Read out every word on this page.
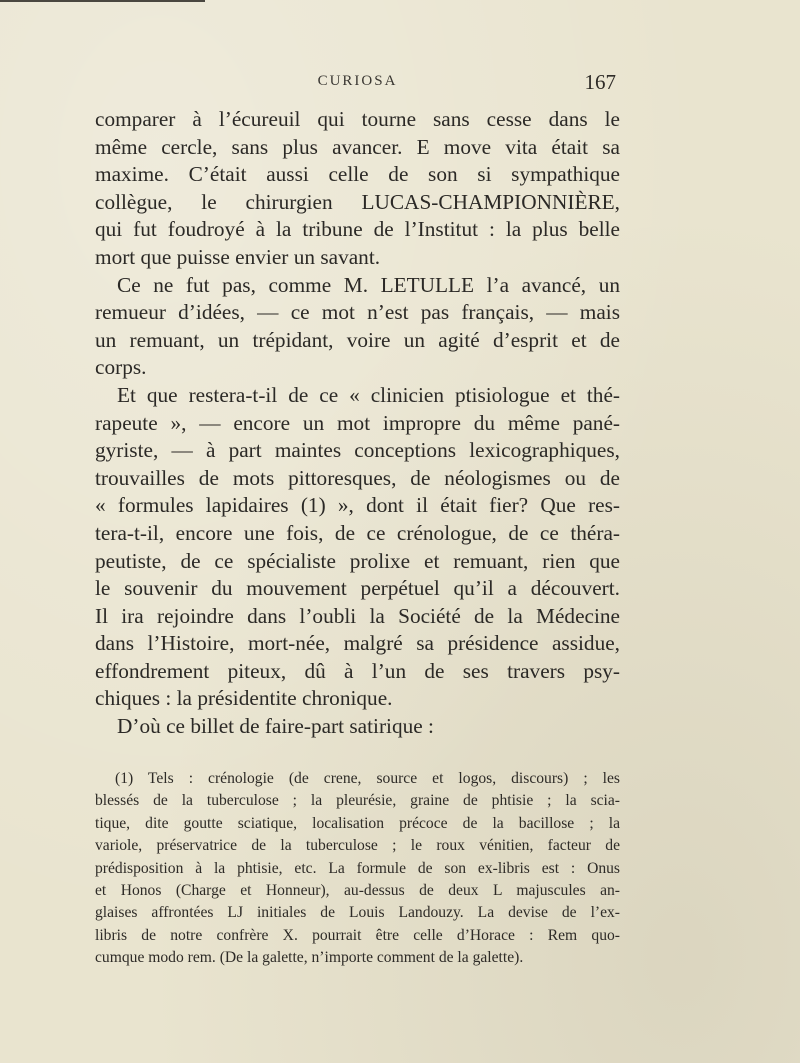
CURIOSA	167
comparer à l’écureuil qui tourne sans cesse dans le
même cercle, sans plus avancer. E move vita était sa
maxime. C’était aussi celle de son si sympathique
collègue, le chirurgien LUCAS-CHAMPIONNIÈRE,
qui fut foudroyé à la tribune de l’Institut : la plus belle
mort que puisse envier un savant.
Ce ne fut pas, comme M. LETULLE l’a avancé, un
remueur d’idées, — ce mot n’est pas français, — mais
un remuant, un trépidant, voire un agité d’esprit et de
corps.
Et que restera-t-il de ce « clinicien ptisiologue et thé-
rapeute », — encore un mot impropre du même pané-
gyriste, — à part maintes conceptions lexicographiques,
trouvailles de mots pittoresques, de néologismes ou de
« formules lapidaires (1) », dont il était fier? Que res-
tera-t-il, encore une fois, de ce crénologue, de ce théra-
peutiste, de ce spécialiste prolixe et remuant, rien que
le souvenir du mouvement perpétuel qu’il a découvert.
Il ira rejoindre dans l’oubli la Société de la Médecine
dans l’Histoire, mort-née, malgré sa présidence assidue,
effondrement piteux, dû à l’un de ses travers psy-
chiques : la présidentite chronique.
D’où ce billet de faire-part satirique :
(1) Tels : crénologie (de crene, source et logos, discours) ; les
blessés de la tuberculose ; la pleurésie, graine de phtisie ; la scia-
tique, dite goutte sciatique, localisation précoce de la bacillose ; la
variole, préservatrice de la tuberculose ; le roux vénitien, facteur de
prédisposition à la phtisie, etc. La formule de son ex-libris est : Onus
et Honos (Charge et Honneur), au-dessus de deux L majuscules an-
glaises affrontées LJ initiales de Louis Landouzy. La devise de l’ex-
libris de notre confrère X. pourrait être celle d’Horace : Rem quo-
cumque modo rem. (De la galette, n’importe comment de la galette).
